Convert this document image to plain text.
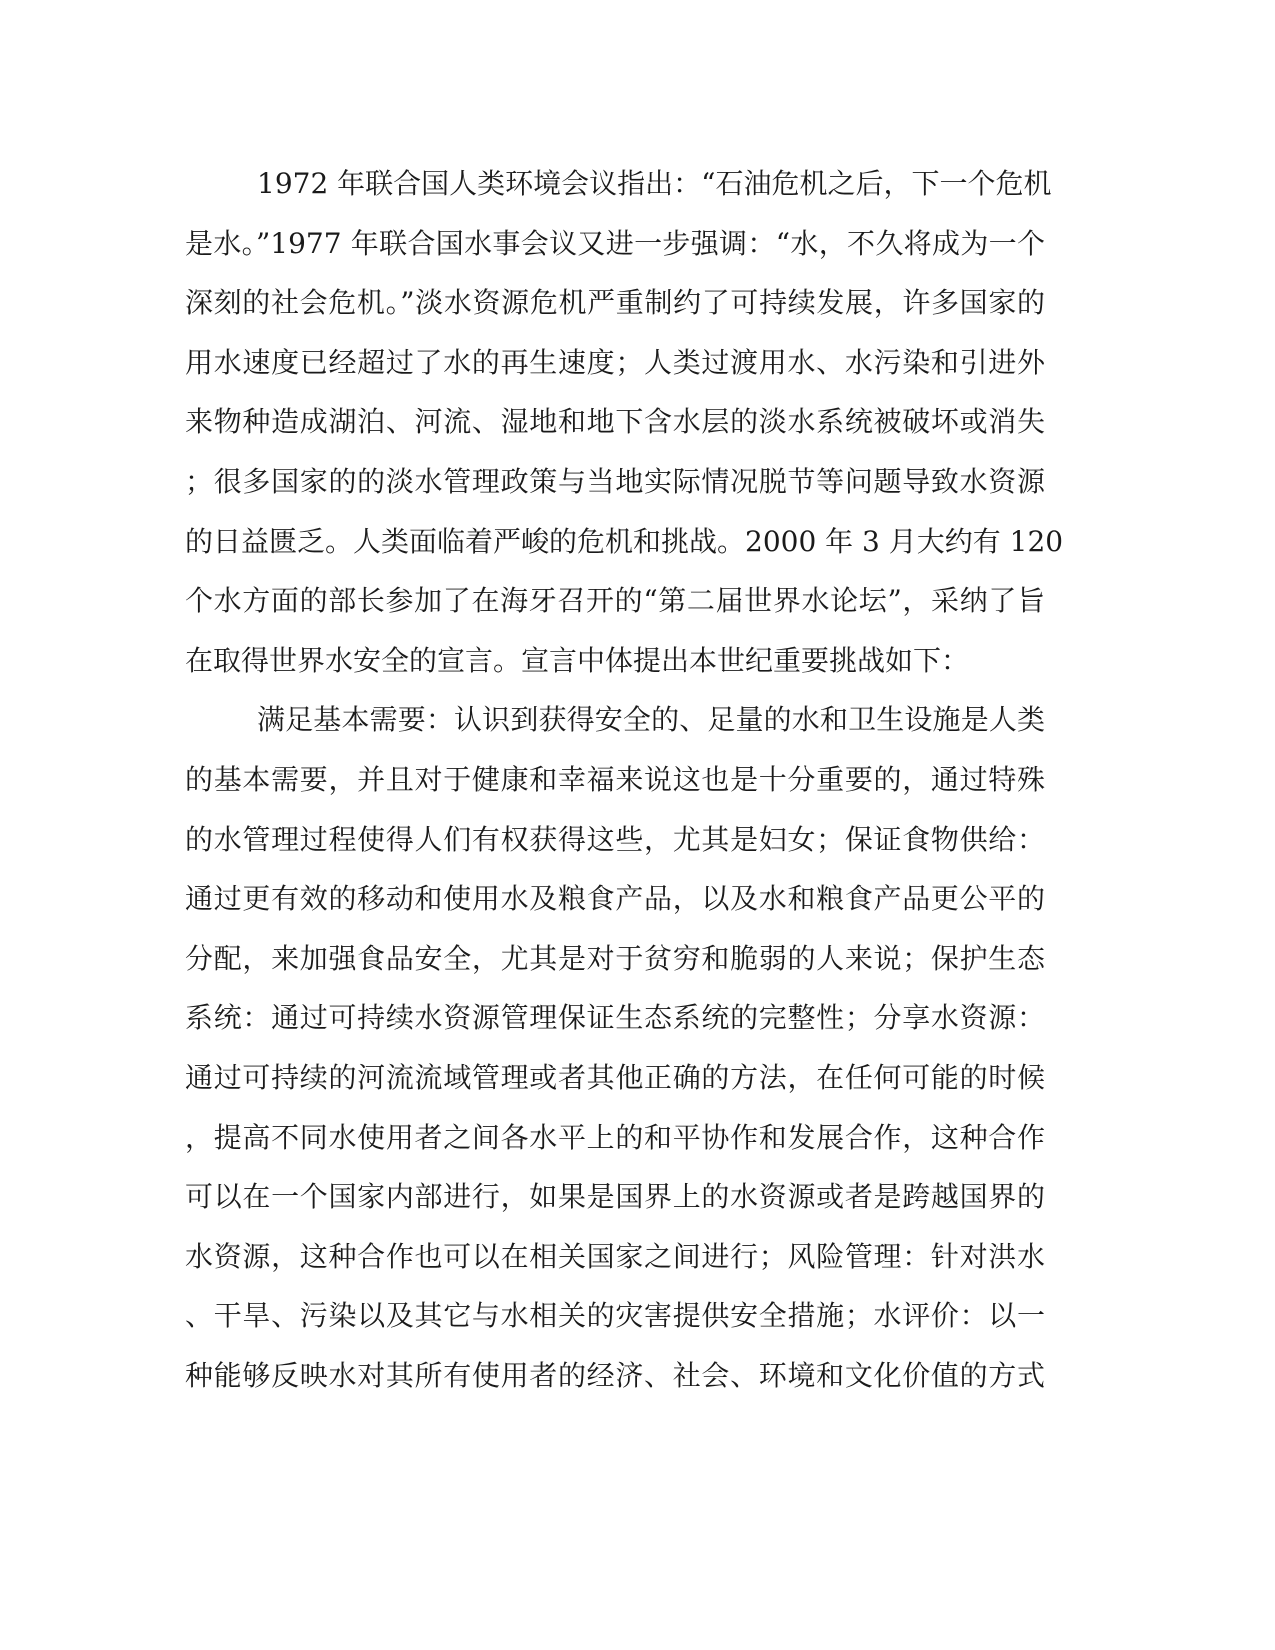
1972 年联合国人类环境会议指出：“石油危机之后，下一个危机
是水。”1977 年联合国水事会议又进一步强调：“水，不久将成为一个
深刻的社会危机。”淡水资源危机严重制约了可持续发展，许多国家的
用水速度已经超过了水的再生速度；人类过渡用水、水污染和引进外
来物种造成湖泊、河流、湿地和地下含水层的淡水系统被破坏或消失
；很多国家的的淡水管理政策与当地实际情况脱节等问题导致水资源
的日益匮乏。人类面临着严峻的危机和挑战。2000 年 3 月大约有 120
个水方面的部长参加了在海牙召开的“第二届世界水论坛”，采纳了旨
在取得世界水安全的宣言。宣言中体提出本世纪重要挑战如下：
满足基本需要：认识到获得安全的、足量的水和卫生设施是人类
的基本需要，并且对于健康和幸福来说这也是十分重要的，通过特殊
的水管理过程使得人们有权获得这些，尤其是妇女；保证食物供给：
通过更有效的移动和使用水及粮食产品，以及水和粮食产品更公平的
分配，来加强食品安全，尤其是对于贫穷和脆弱的人来说；保护生态
系统：通过可持续水资源管理保证生态系统的完整性；分享水资源：
通过可持续的河流流域管理或者其他正确的方法，在任何可能的时候
，提高不同水使用者之间各水平上的和平协作和发展合作，这种合作
可以在一个国家内部进行，如果是国界上的水资源或者是跨越国界的
水资源，这种合作也可以在相关国家之间进行；风险管理：针对洪水
、干旱、污染以及其它与水相关的灾害提供安全措施；水评价：以一
种能够反映水对其所有使用者的经济、社会、环境和文化价值的方式
